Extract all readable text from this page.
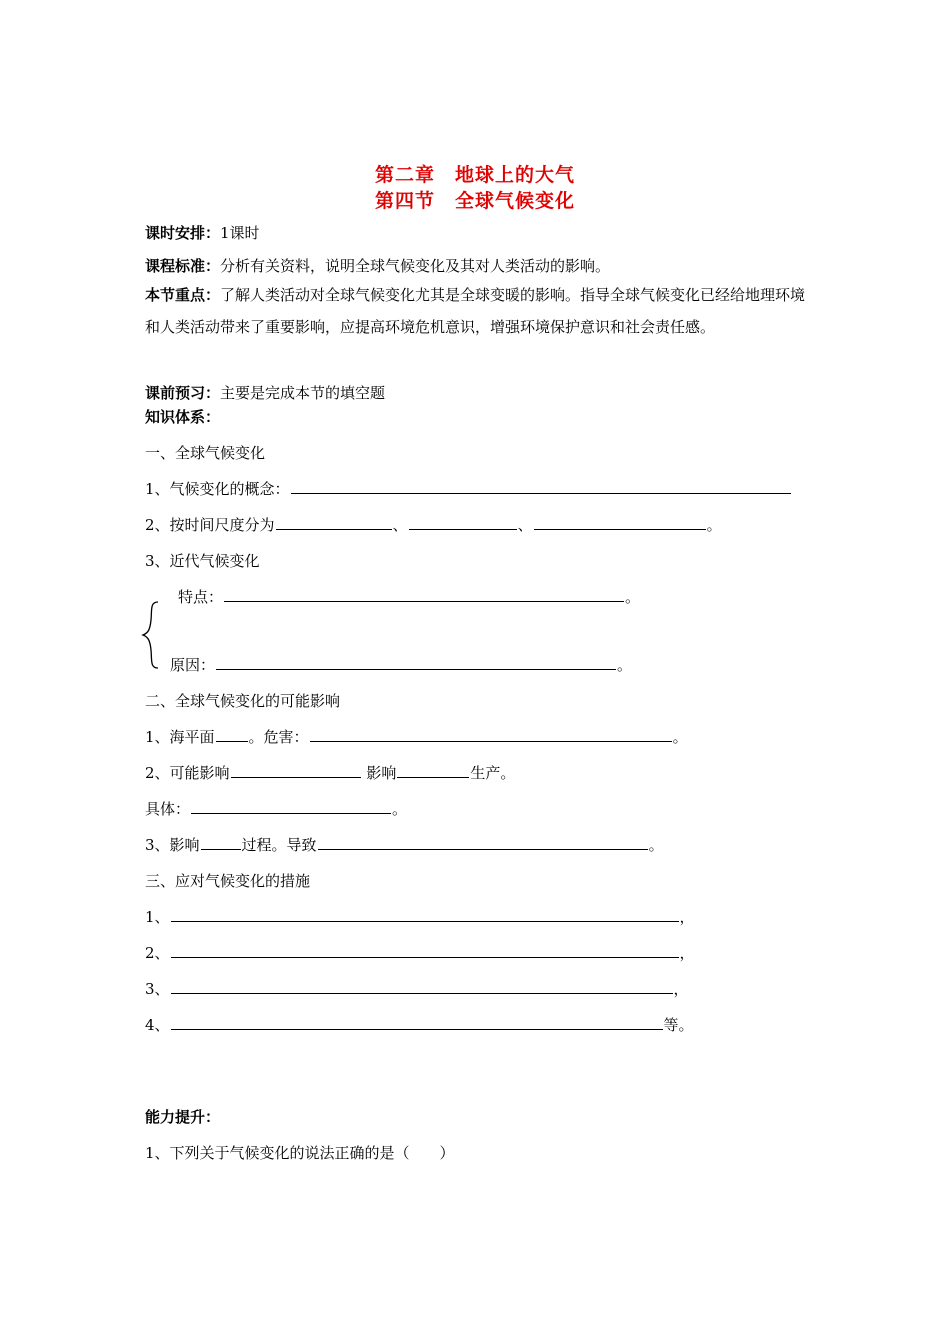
第二章　地球上的大气
第四节　全球气候变化
课时安排：1课时
课程标准：分析有关资料，说明全球气候变化及其对人类活动的影响。
本节重点：了解人类活动对全球气候变化尤其是全球变暖的影响。指导全球气候变化已经给地理环境和人类活动带来了重要影响，应提高环境危机意识，增强环境保护意识和社会责任感。
课前预习：主要是完成本节的填空题
知识体系：
一、全球气候变化
1、气候变化的概念：
2、按时间尺度分为	、	、	。
3、近代气候变化
特点：	。
原因：	。
二、全球气候变化的可能影响
1、海平面 。危害：	。
2、可能影响	影响	生产。
具体：	。
3、影响	过程。导致	。
三、应对气候变化的措施
1、	，
2、	，
3、	，
4、	等。
能力提升：
1、下列关于气候变化的说法正确的是（　　）
